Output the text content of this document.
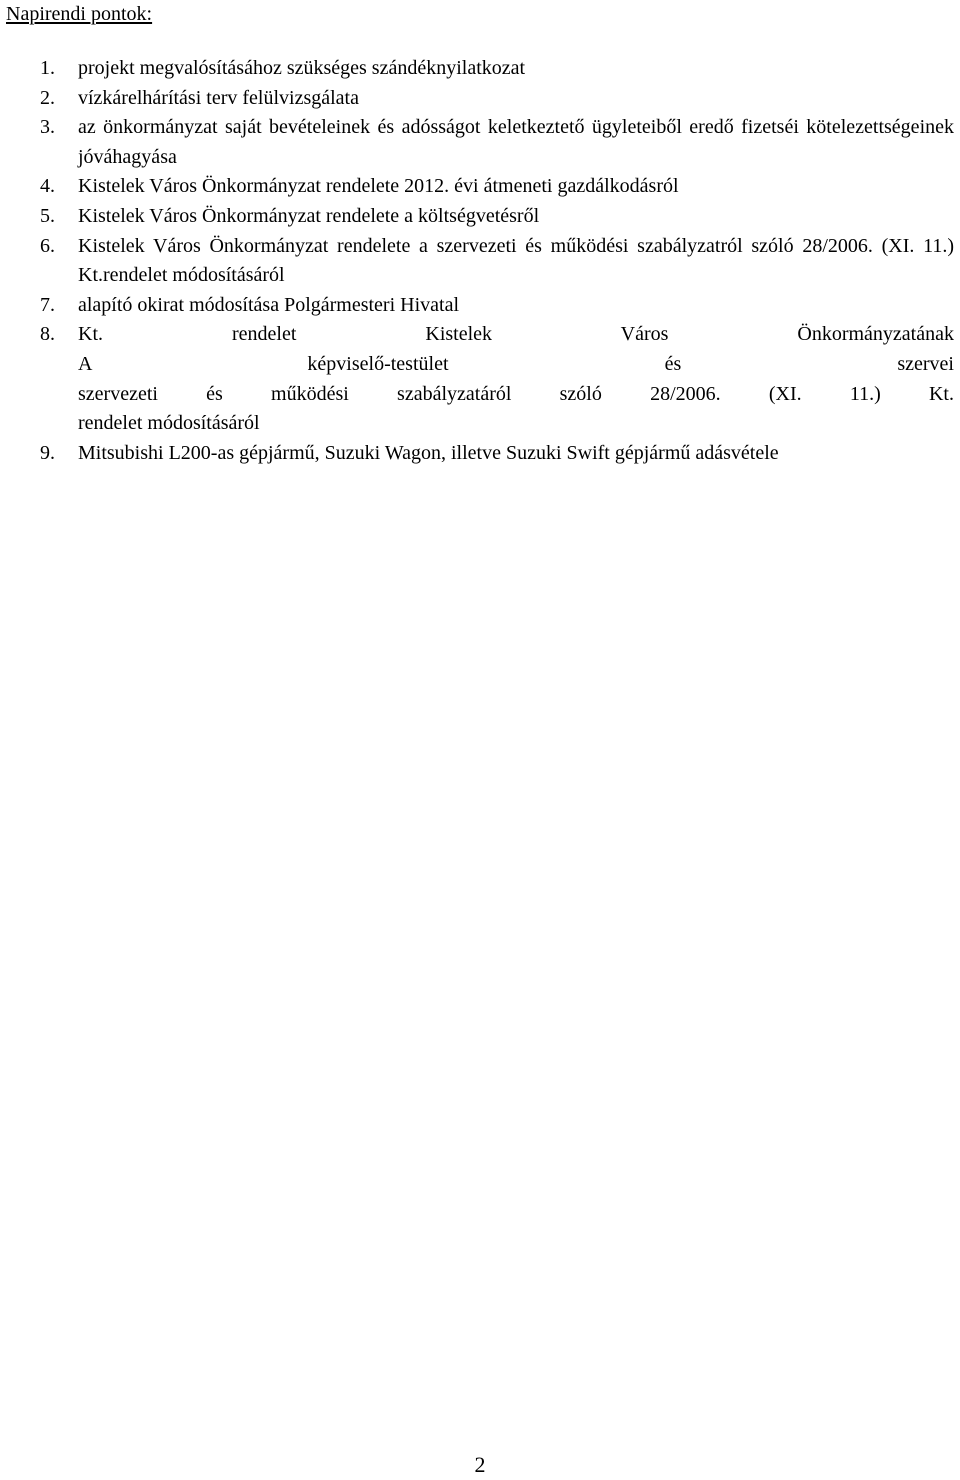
Napirendi pontok:
1. projekt megvalósításához szükséges szándéknyilatkozat
2. vízkárelhárítási terv felülvizsgálata
3. az önkormányzat saját bevételeinek és adósságot keletkeztető ügyleteiből eredő fizetséi kötelezettségeinek jóváhagyása
4. Kistelek Város Önkormányzat rendelete 2012. évi átmeneti gazdálkodásról
5. Kistelek Város Önkormányzat rendelete a költségvetésről
6. Kistelek Város Önkormányzat rendelete a szervezeti és működési szabályzatról szóló 28/2006. (XI. 11.) Kt.rendelet módosításáról
7. alapító okirat módosítása Polgármesteri Hivatal
8. Kt. rendelet Kistelek Város Önkormányzatának
A képviselő-testület és szervei
szervezeti és működési szabályzatáról szóló 28/2006. (XI. 11.) Kt.
rendelet módosításáról
9. Mitsubishi L200-as gépjármű, Suzuki Wagon, illetve Suzuki Swift gépjármű adásvétele
2
